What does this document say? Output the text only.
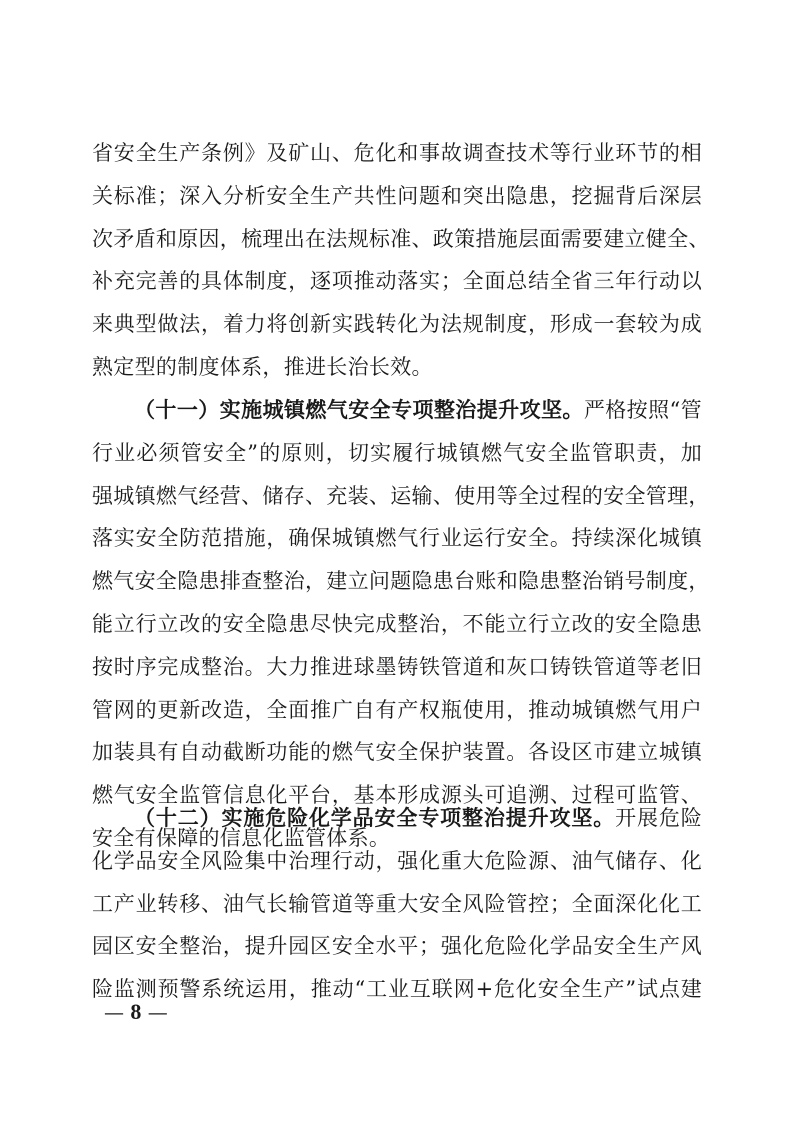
省安全生产条例》及矿山、危化和事故调查技术等行业环节的相
关标准；深入分析安全生产共性问题和突出隐患，挖掘背后深层
次矛盾和原因，梳理出在法规标准、政策措施层面需要建立健全、
补充完善的具体制度，逐项推动落实；全面总结全省三年行动以
来典型做法，着力将创新实践转化为法规制度，形成一套较为成
熟定型的制度体系，推进长治长效。
（十一）实施城镇燃气安全专项整治提升攻坚。严格按照“管
行业必须管安全”的原则，切实履行城镇燃气安全监管职责，加
强城镇燃气经营、储存、充装、运输、使用等全过程的安全管理，
落实安全防范措施，确保城镇燃气行业运行安全。持续深化城镇
燃气安全隐患排查整治，建立问题隐患台账和隐患整治销号制度，
能立行立改的安全隐患尽快完成整治，不能立行立改的安全隐患
按时序完成整治。大力推进球墨铸铁管道和灰口铸铁管道等老旧
管网的更新改造，全面推广自有产权瓶使用，推动城镇燃气用户
加装具有自动截断功能的燃气安全保护装置。各设区市建立城镇
燃气安全监管信息化平台，基本形成源头可追溯、过程可监管、
安全有保障的信息化监管体系。
（十二）实施危险化学品安全专项整治提升攻坚。开展危险
化学品安全风险集中治理行动，强化重大危险源、油气储存、化
工产业转移、油气长输管道等重大安全风险管控；全面深化化工
园区安全整治，提升园区安全水平；强化危险化学品安全生产风
险监测预警系统运用，推动“工业互联网+危化安全生产”试点建
— 8 —
